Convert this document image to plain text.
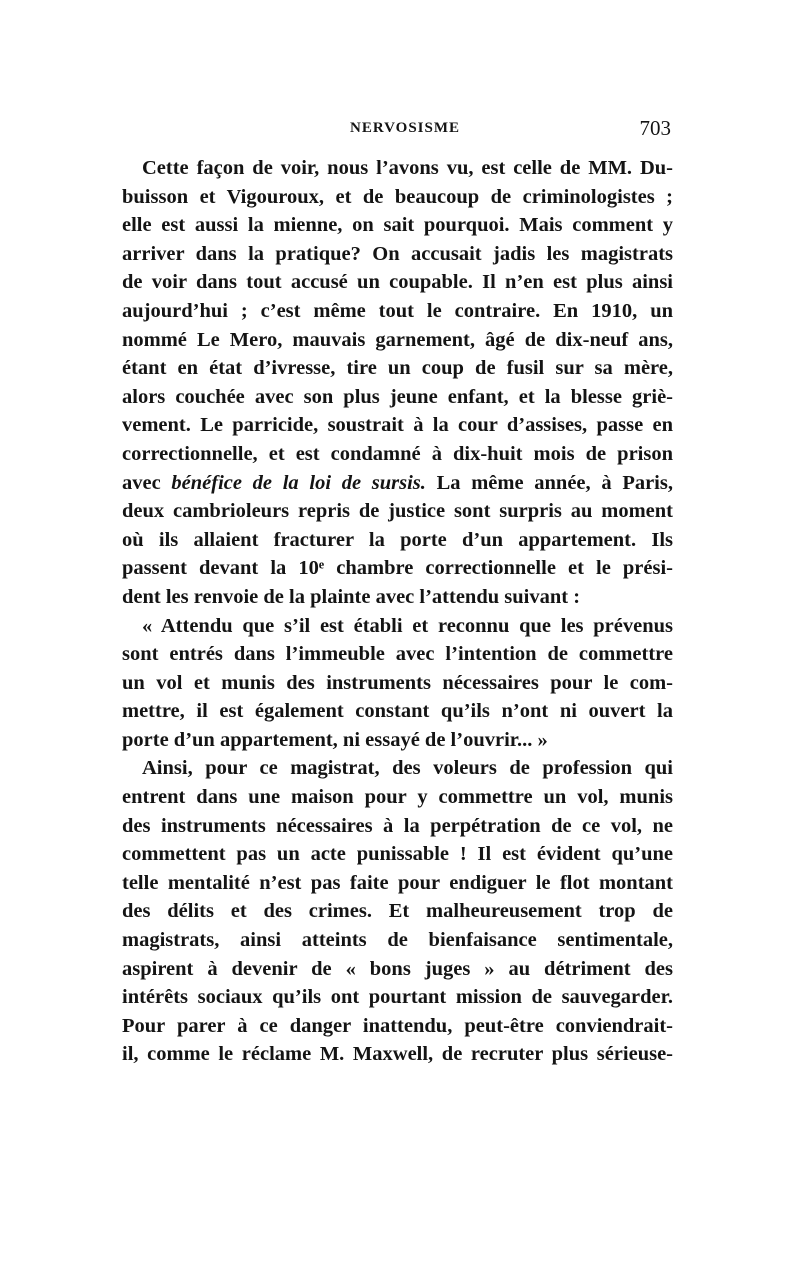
NERVOSISME	703
Cette façon de voir, nous l’avons vu, est celle de MM. Du-
buisson et Vigouroux, et de beaucoup de criminologistes ;
elle est aussi la mienne, on sait pourquoi. Mais comment y
arriver dans la pratique? On accusait jadis les magistrats
de voir dans tout accusé un coupable. Il n’en est plus ainsi
aujourd’hui ; c’est même tout le contraire. En 1910, un
nommé Le Mero, mauvais garnement, âgé de dix-neuf ans,
étant en état d’ivresse, tire un coup de fusil sur sa mère,
alors couchée avec son plus jeune enfant, et la blesse griè-
vement. Le parricide, soustrait à la cour d’assises, passe en
correctionnelle, et est condamné à dix-huit mois de prison
avec bénéfice de la loi de sursis. La même année, à Paris,
deux cambrioleurs repris de justice sont surpris au moment
où ils allaient fracturer la porte d’un appartement. Ils
passent devant la 10ᵉ chambre correctionnelle et le prési-
dent les renvoie de la plainte avec l’attendu suivant :
« Attendu que s’il est établi et reconnu que les prévenus
sont entrés dans l’immeuble avec l’intention de commettre
un vol et munis des instruments nécessaires pour le com-
mettre, il est également constant qu’ils n’ont ni ouvert la
porte d’un appartement, ni essayé de l’ouvrir... »
Ainsi, pour ce magistrat, des voleurs de profession qui
entrent dans une maison pour y commettre un vol, munis
des instruments nécessaires à la perpétration de ce vol, ne
commettent pas un acte punissable ! Il est évident qu’une
telle mentalité n’est pas faite pour endiguer le flot montant
des délits et des crimes. Et malheureusement trop de
magistrats, ainsi atteints de bienfaisance sentimentale,
aspirent à devenir de « bons juges » au détriment des
intérêts sociaux qu’ils ont pourtant mission de sauvegarder.
Pour parer à ce danger inattendu, peut-être conviendrait-
il, comme le réclame M. Maxwell, de recruter plus sérieuse-
